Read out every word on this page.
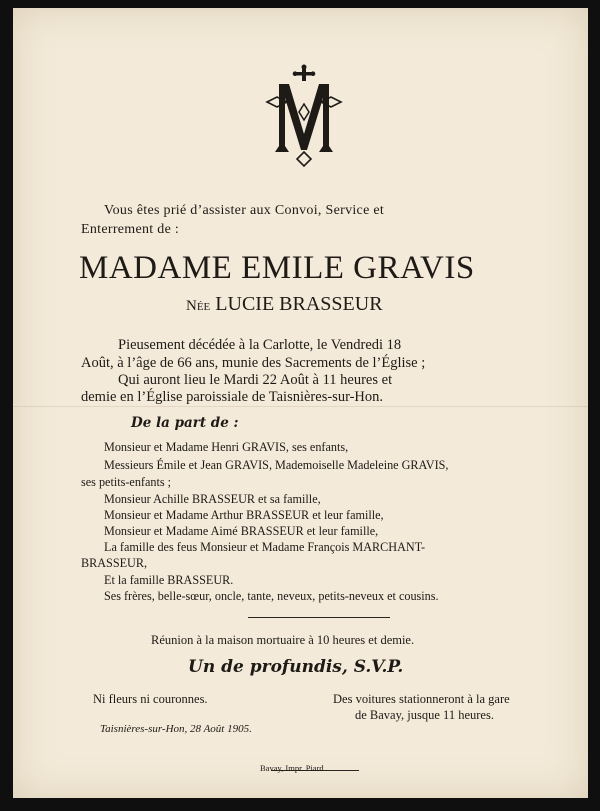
Vous êtes prié d’assister aux Convoi, Service et
Enterrement de :
MADAME EMILE GRAVIS
Née LUCIE BRASSEUR
Pieusement décédée à la Carlotte, le Vendredi 18
Août, à l’âge de 66 ans, munie des Sacrements de l’Église ;
Qui auront lieu le Mardi 22 Août à 11 heures et
demie en l’Église paroissiale de Taisnières-sur-Hon.
De la part de :
Monsieur et Madame Henri GRAVIS, ses enfants,
Messieurs Émile et Jean GRAVIS, Mademoiselle Madeleine GRAVIS,
ses petits-enfants ;
Monsieur Achille BRASSEUR et sa famille,
Monsieur et Madame Arthur BRASSEUR et leur famille,
Monsieur et Madame Aimé BRASSEUR et leur famille,
La famille des feus Monsieur et Madame François MARCHANT-
BRASSEUR,
Et la famille BRASSEUR.
Ses frères, belle-sœur, oncle, tante, neveux, petits-neveux et cousins.
Réunion à la maison mortuaire à 10 heures et demie.
Un de profundis, S.V.P.
Ni fleurs ni couronnes.	Des voitures stationneront à la gare
de Bavay, jusque 11 heures.
Taisnières-sur-Hon, 28 Août 1905.
Bavay, Impr. Piard
